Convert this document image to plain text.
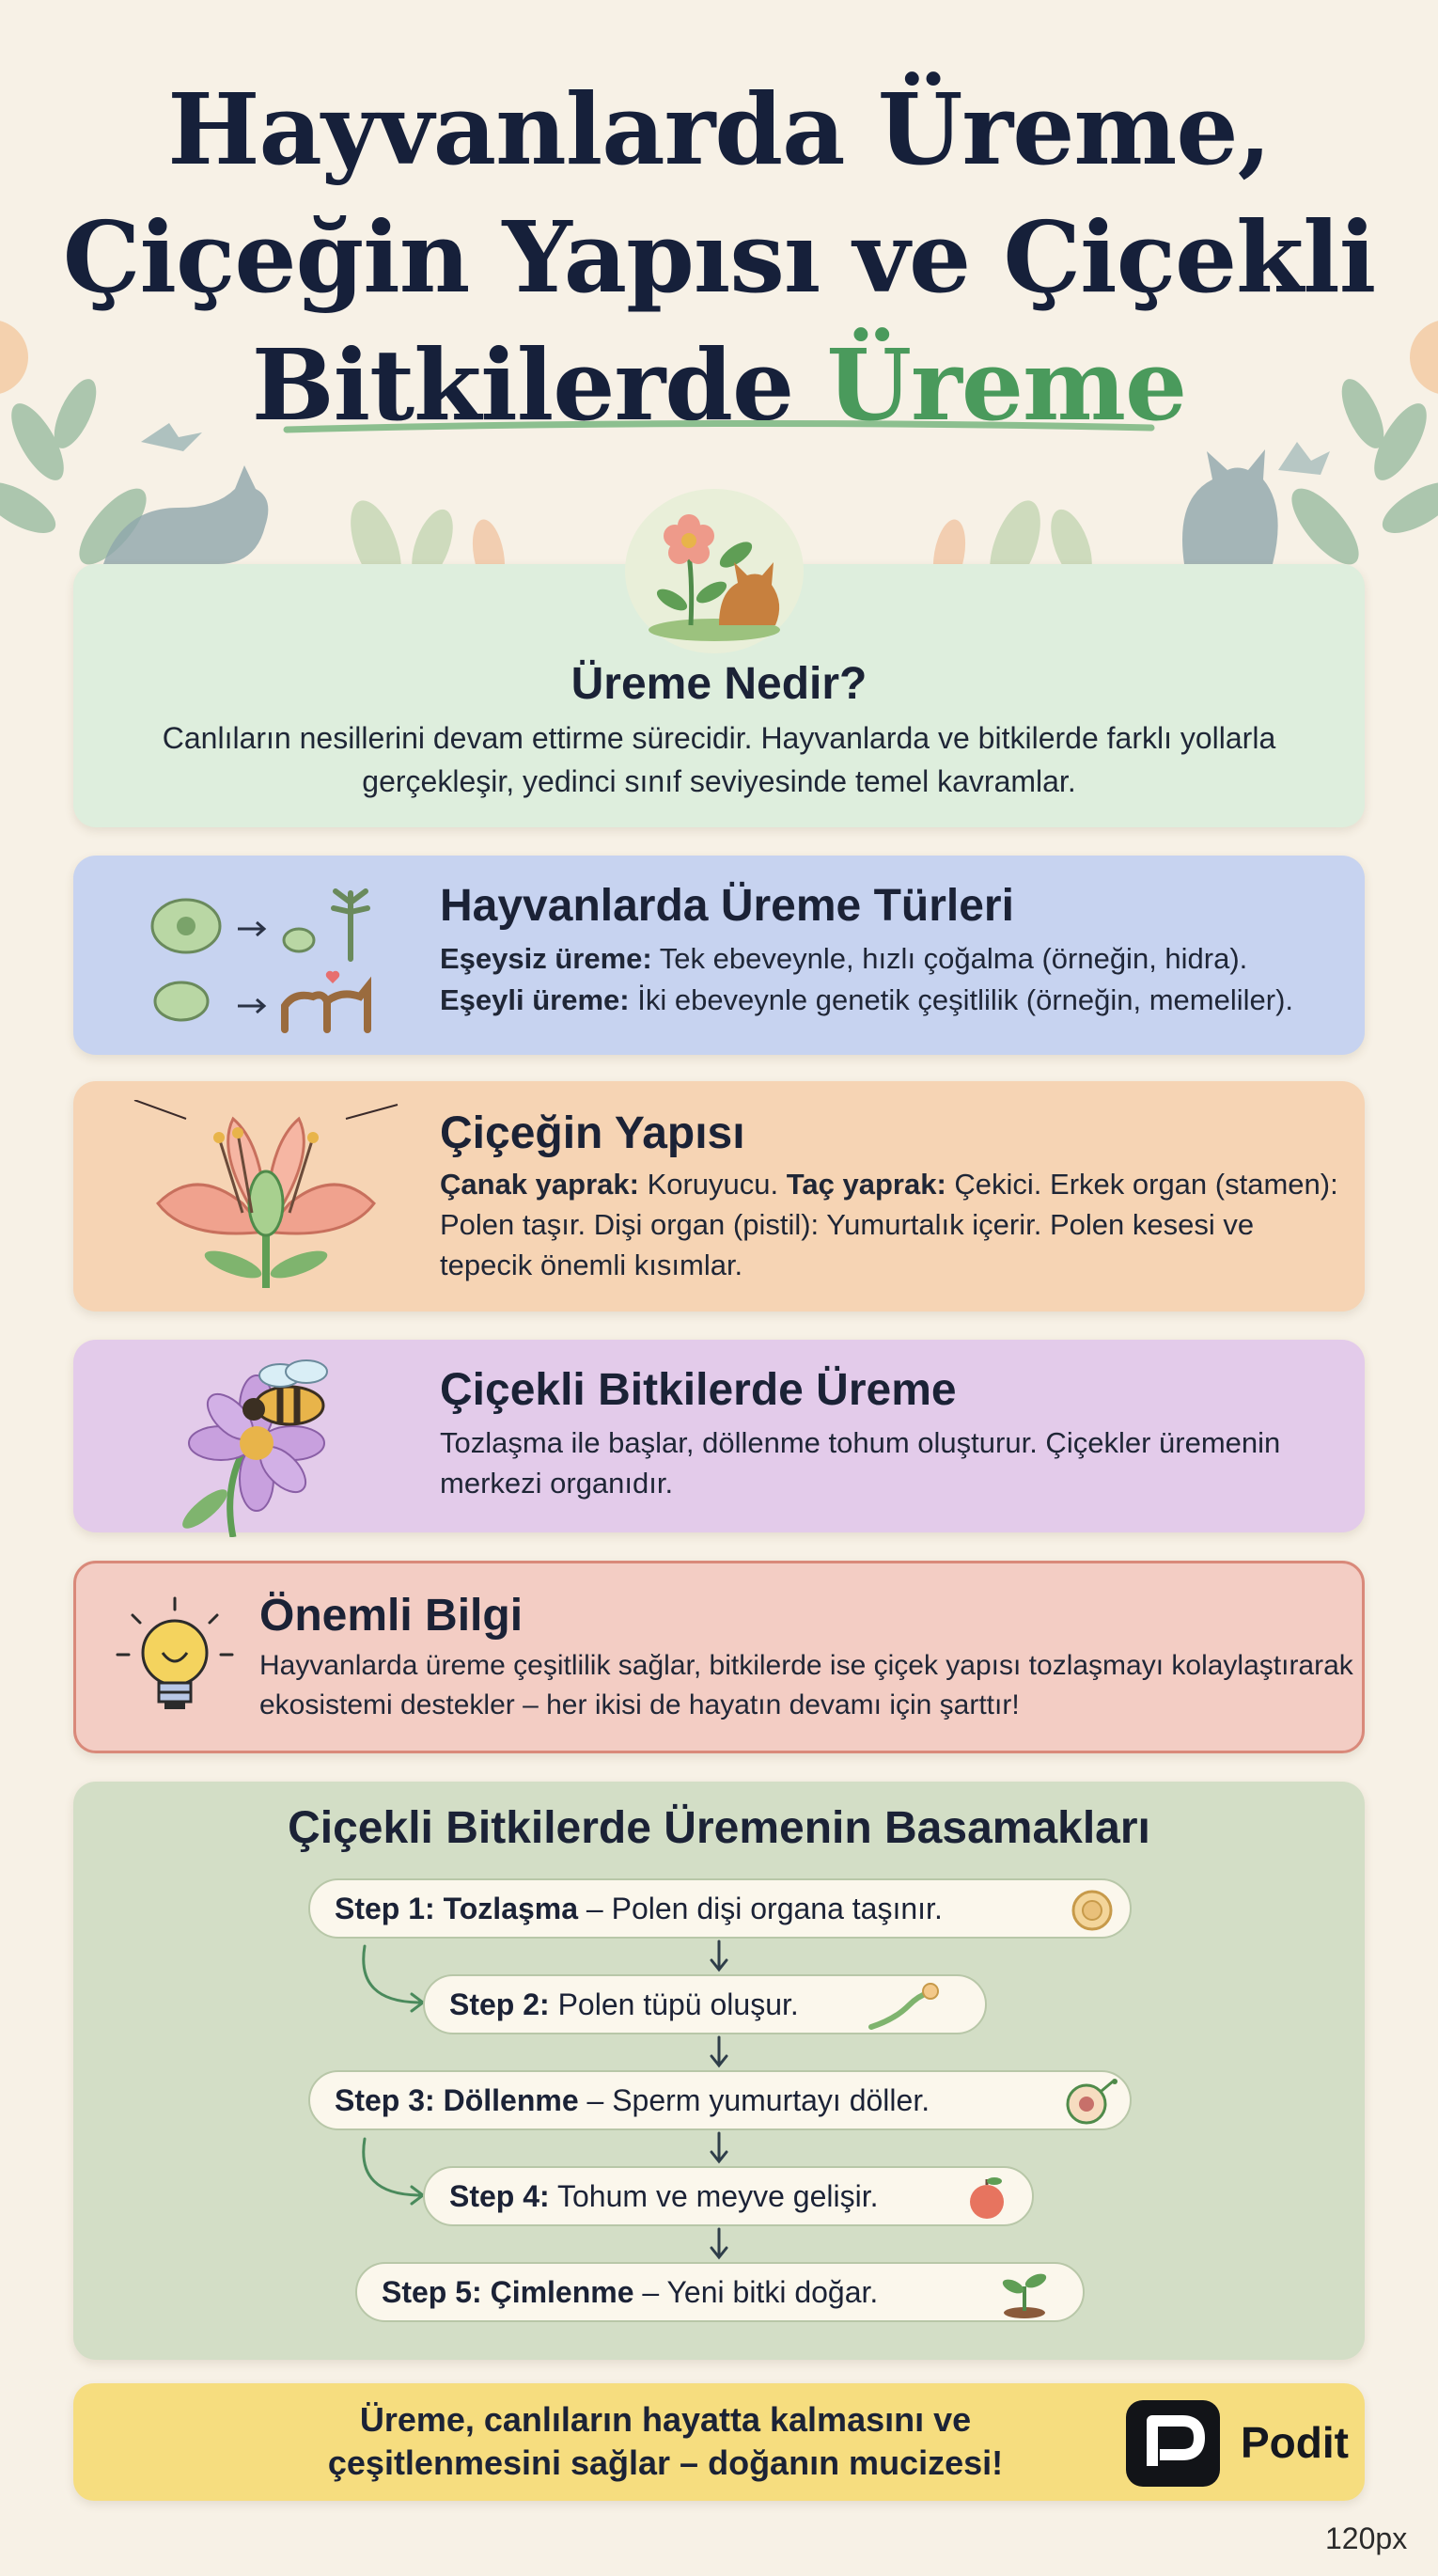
Hayvanlarda Üreme,
Çiçeğin Yapısı ve Çiçekli
Bitkilerde Üreme
Üreme Nedir?

Canlıların nesillerini devam ettirme sürecidir. Hayvanlarda ve bitkilerde farklı yollarla gerçekleşir, yedinci sınıf seviyesinde temel kavramlar.

Hayvanlarda Üreme Türleri

Eşeysiz üreme: Tek ebeveynle, hızlı çoğalma (örneğin, hidra).
Eşeyli üreme: İki ebeveynle genetik çeşitlilik (örneğin, memeliler).

Çiçeğin Yapısı

Çanak yaprak: Koruyucu. Taç yaprak: Çekici. Erkek organ (stamen): Polen taşır. Dişi organ (pistil): Yumurtalık içerir. Polen kesesi ve tepecik önemli kısımlar.

Çiçekli Bitkilerde Üreme

Tozlaşma ile başlar, döllenme tohum oluşturur. Çiçekler üremenin merkezi organıdır.

Önemli Bilgi

Hayvanlarda üreme çeşitlilik sağlar, bitkilerde ise çiçek yapısı tozlaşmayı kolaylaştırarak ekosistemi destekler – her ikisi de hayatın devamı için şarttır!

Çiçekli Bitkilerde Üremenin Basamakları
Step 1: Tozlaşma – Polen dişi organa taşınır.
Step 2: Polen tüpü oluşur.
Step 3: Döllenme – Sperm yumurtayı döller.
Step 4: Tohum ve meyve gelişir.
Step 5: Çimlenme – Yeni bitki doğar.

Üreme, canlıların hayatta kalmasını ve çeşitlenmesini sağlar – doğanın mucizesi!	Podit
120px
